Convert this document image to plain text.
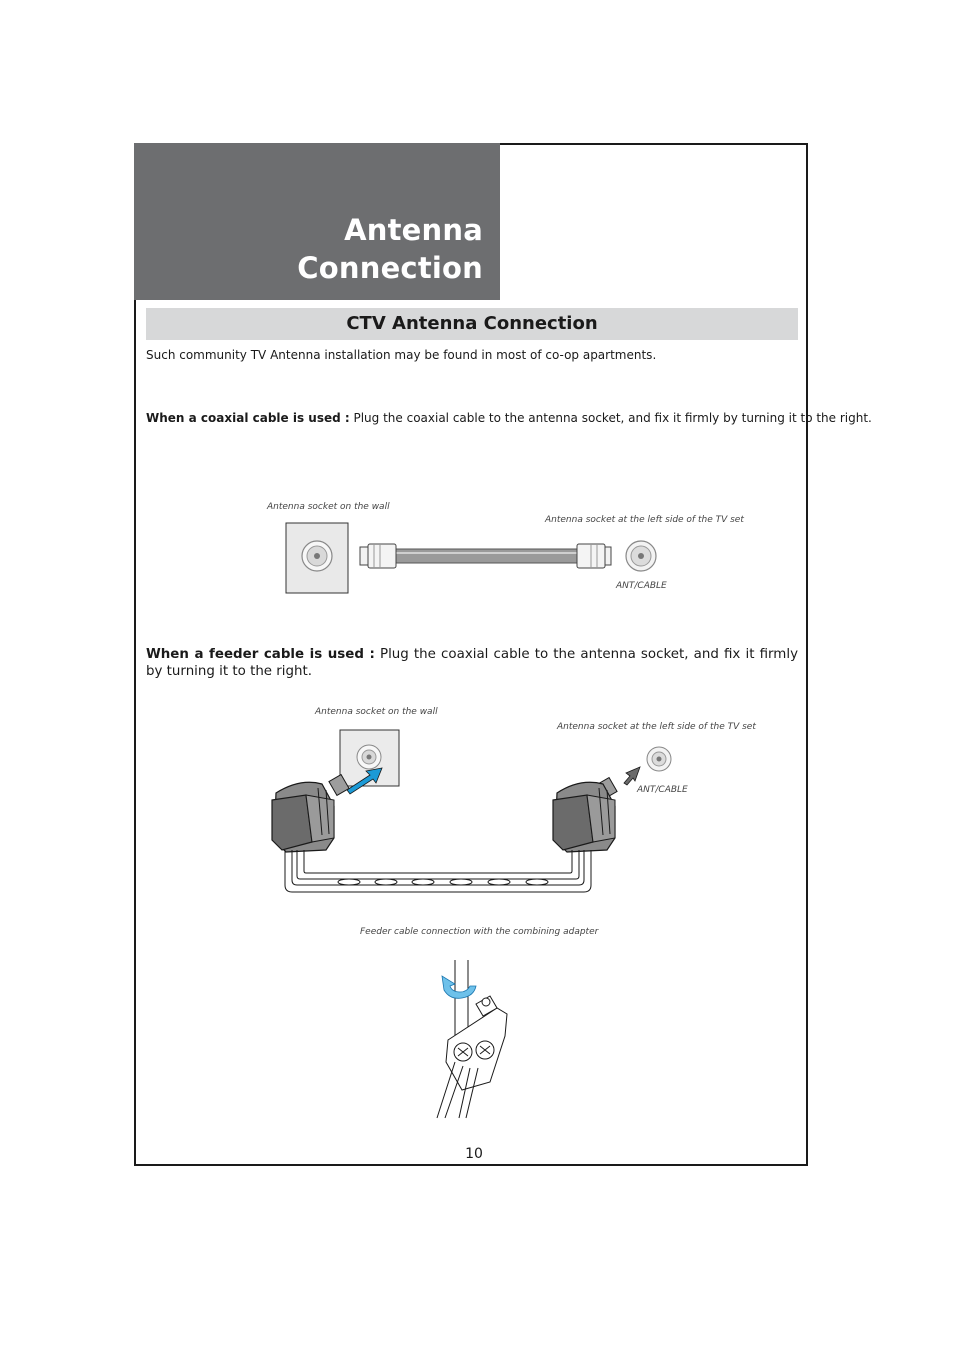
Antenna
Connection
CTV Antenna Connection
Such community TV Antenna installation may be found in most of co-op apartments.
When a coaxial cable is used : Plug the coaxial cable to the antenna socket, and fix it firmly by turning it to the right.
Antenna socket on the wall
Antenna socket at the left side of the TV set
ANT/CABLE
When a feeder cable is used : Plug the coaxial cable to the antenna socket, and fix it firmly by turning it to the right.
Antenna socket on the wall
Antenna socket at the left side of the TV set
ANT/CABLE
Feeder cable connection with the combining adapter
10
